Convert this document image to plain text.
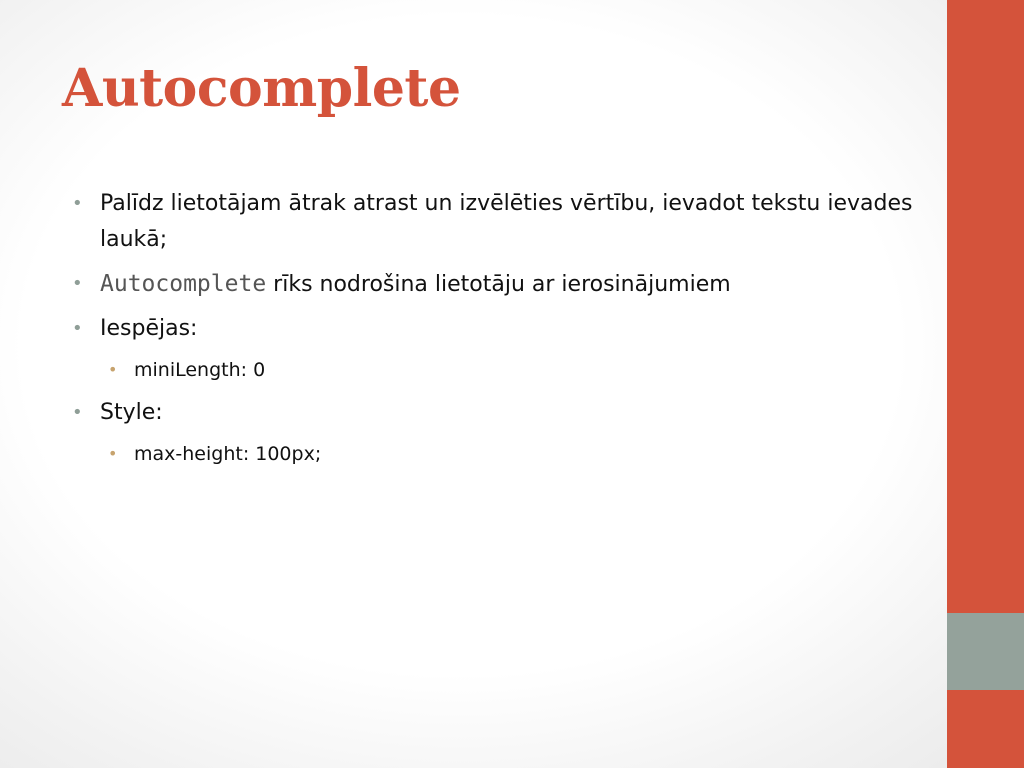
Autocomplete
• Palīdz lietotājam ātrak atrast un izvēlēties vērtību, ievadot tekstu ievades laukā;
• Autocomplete rīks nodrošina lietotāju ar ierosinājumiem
• Iespējas:
• miniLength: 0
• Style:
• max-height: 100px;
